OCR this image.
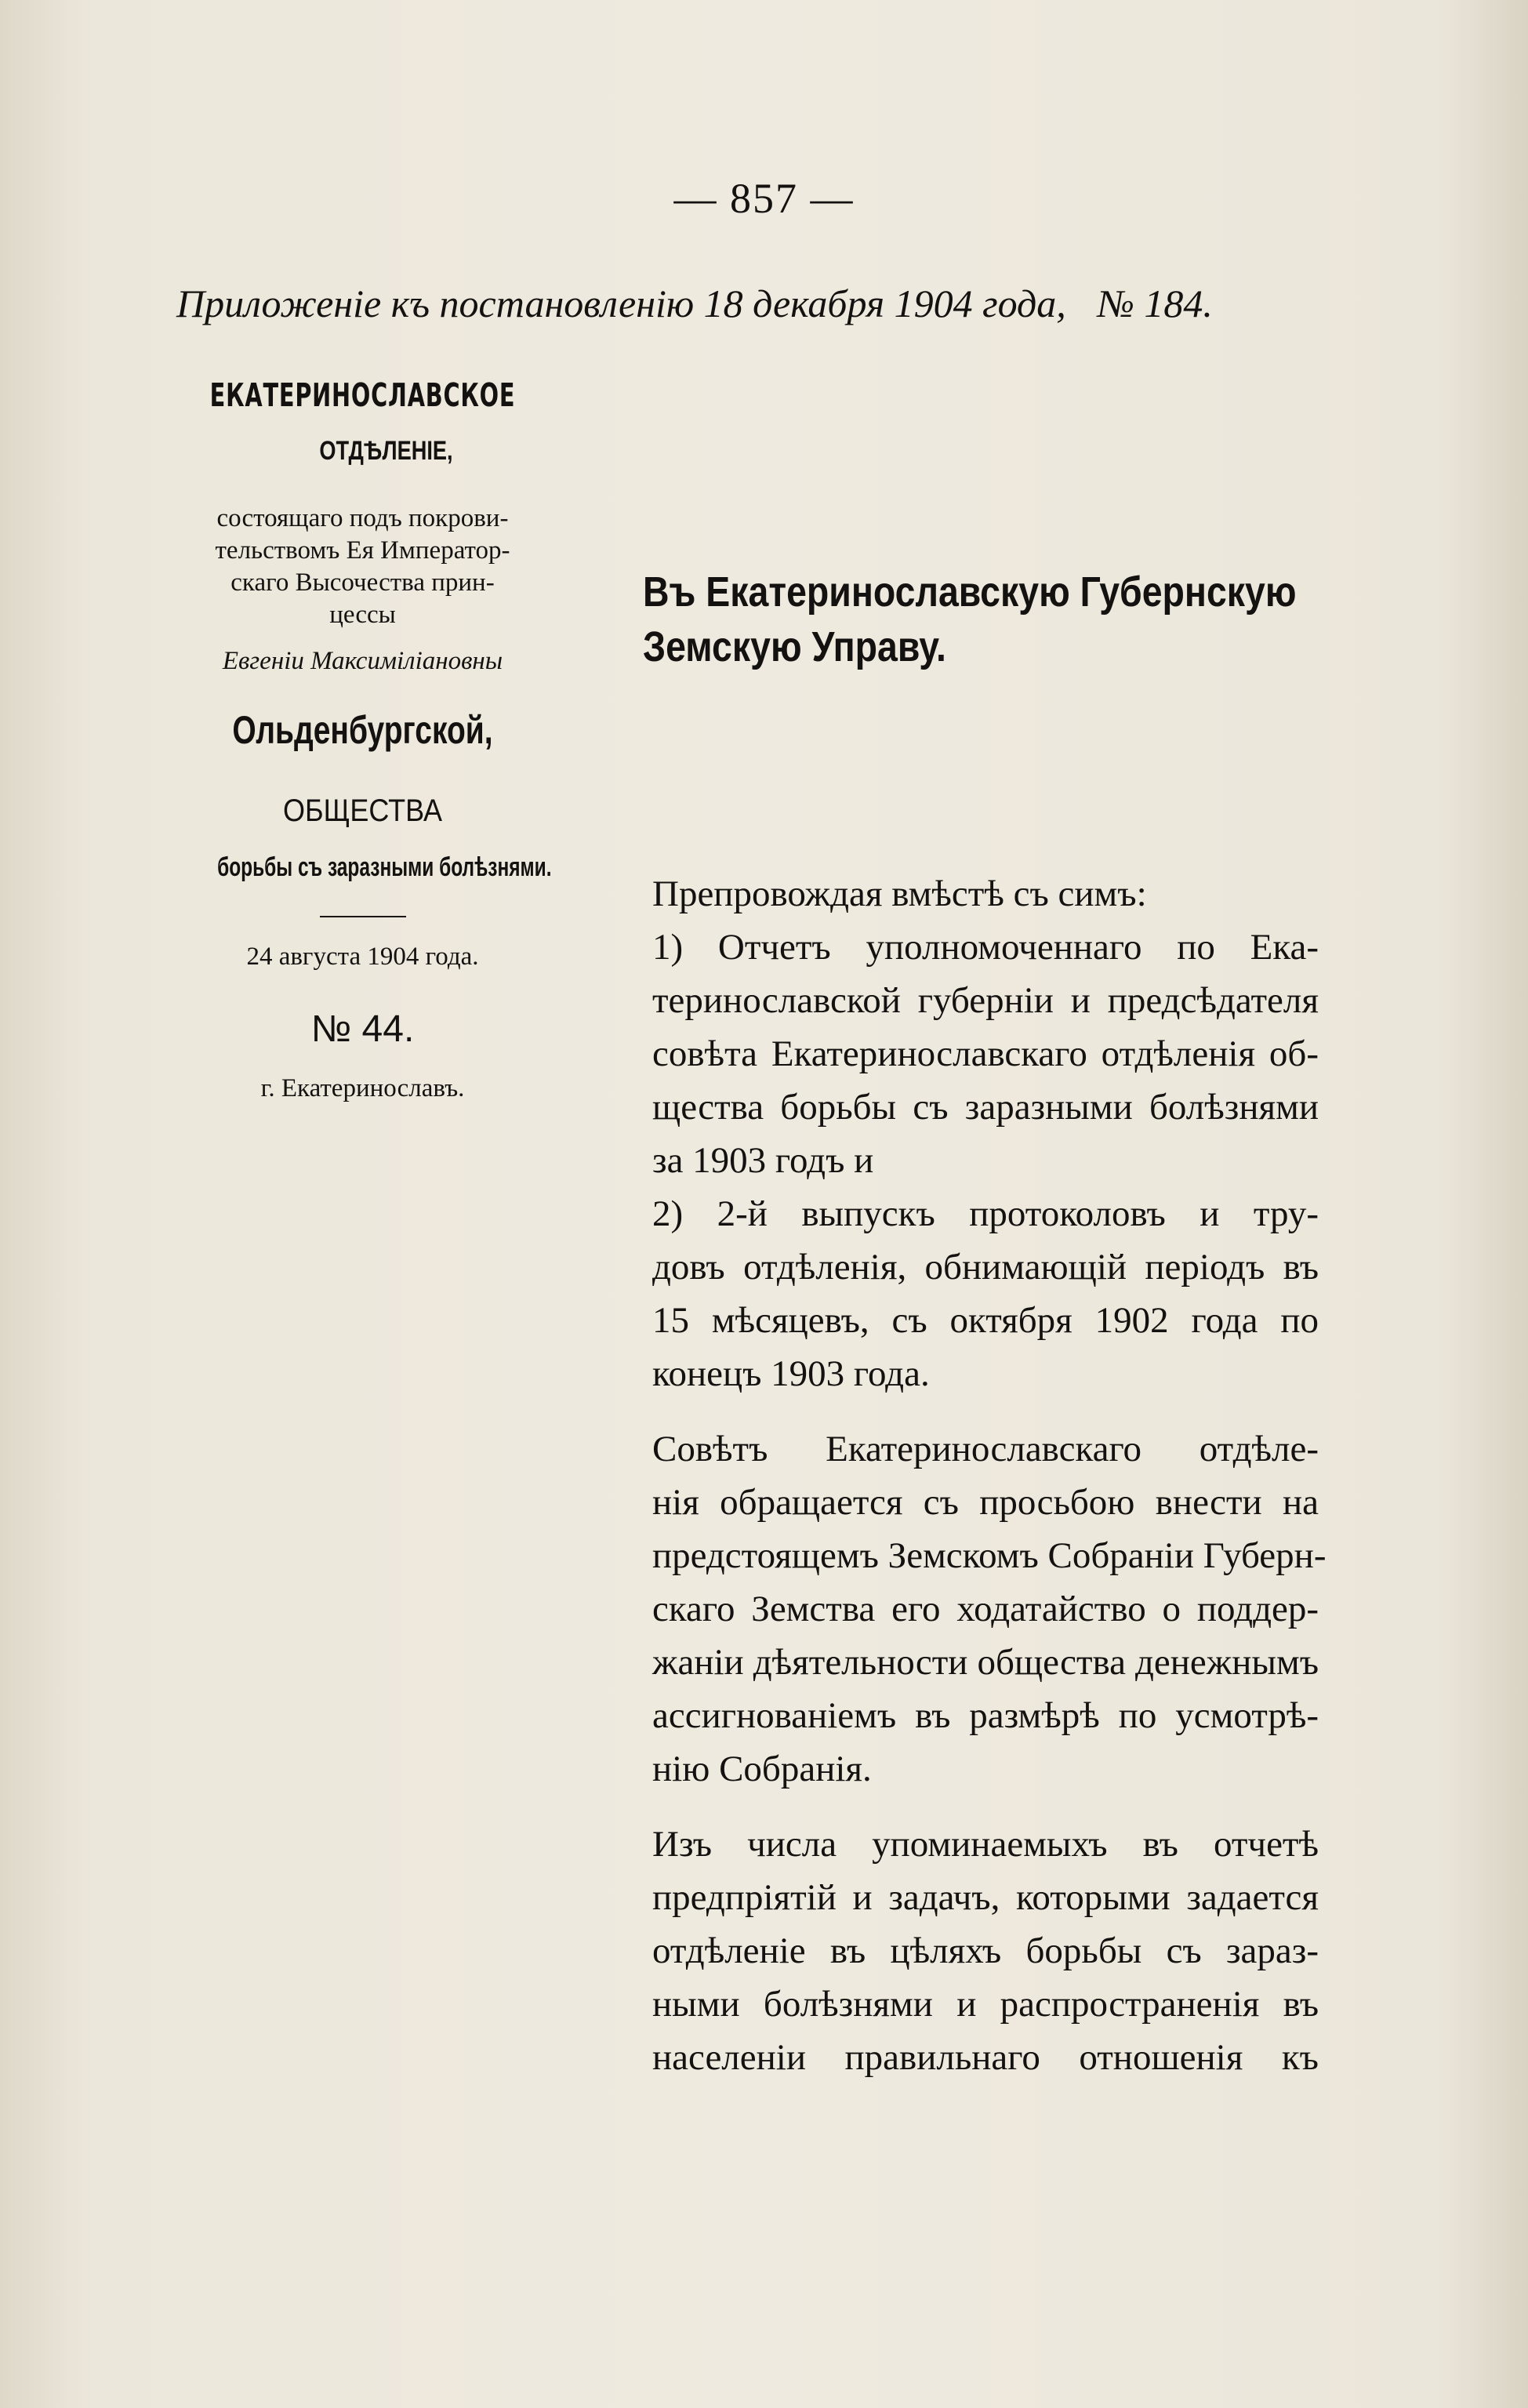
— 857 —
Приложеніе къ постановленію 18 декабря 1904 года, № 184.
ЕКАТЕРИНОСЛАВСКОЕ
ОТДѢЛЕНІЕ,
состоящаго подъ покрови-
тельствомъ Ея Император-
скаго Высочества прин-
цессы
Евгеніи Максиміліановны
Ольденбургской,
ОБЩЕСТВА
борьбы съ заразными болѣзнями.
24 августа 1904 года.
№ 44.
г. Екатеринославъ.
Въ Екатеринославскую Губернскую
Земскую Управу.
Препровождая вмѣстѣ съ симъ:
1) Отчетъ уполномоченнаго по Ека-
теринославской губерніи и предсѣдателя
совѣта Екатеринославскаго отдѣленія об-
щества борьбы съ заразными болѣзнями
за 1903 годъ и
2) 2-й выпускъ протоколовъ и тру-
довъ отдѣленія, обнимающій періодъ въ
15 мѣсяцевъ, съ октября 1902 года по
конецъ 1903 года.
Совѣтъ Екатеринославскаго отдѣле-
нія обращается съ просьбою внести на
предстоящемъ Земскомъ Собраніи Губерн-
скаго Земства его ходатайство о поддер-
жаніи дѣятельности общества денежнымъ
ассигнованіемъ въ размѣрѣ по усмотрѣ-
нію Собранія.
Изъ числа упоминаемыхъ въ отчетѣ
предпріятій и задачъ, которыми задается
отдѣленіе въ цѣляхъ борьбы съ зараз-
ными болѣзнями и распространенія въ
населеніи правильнаго отношенія къ
